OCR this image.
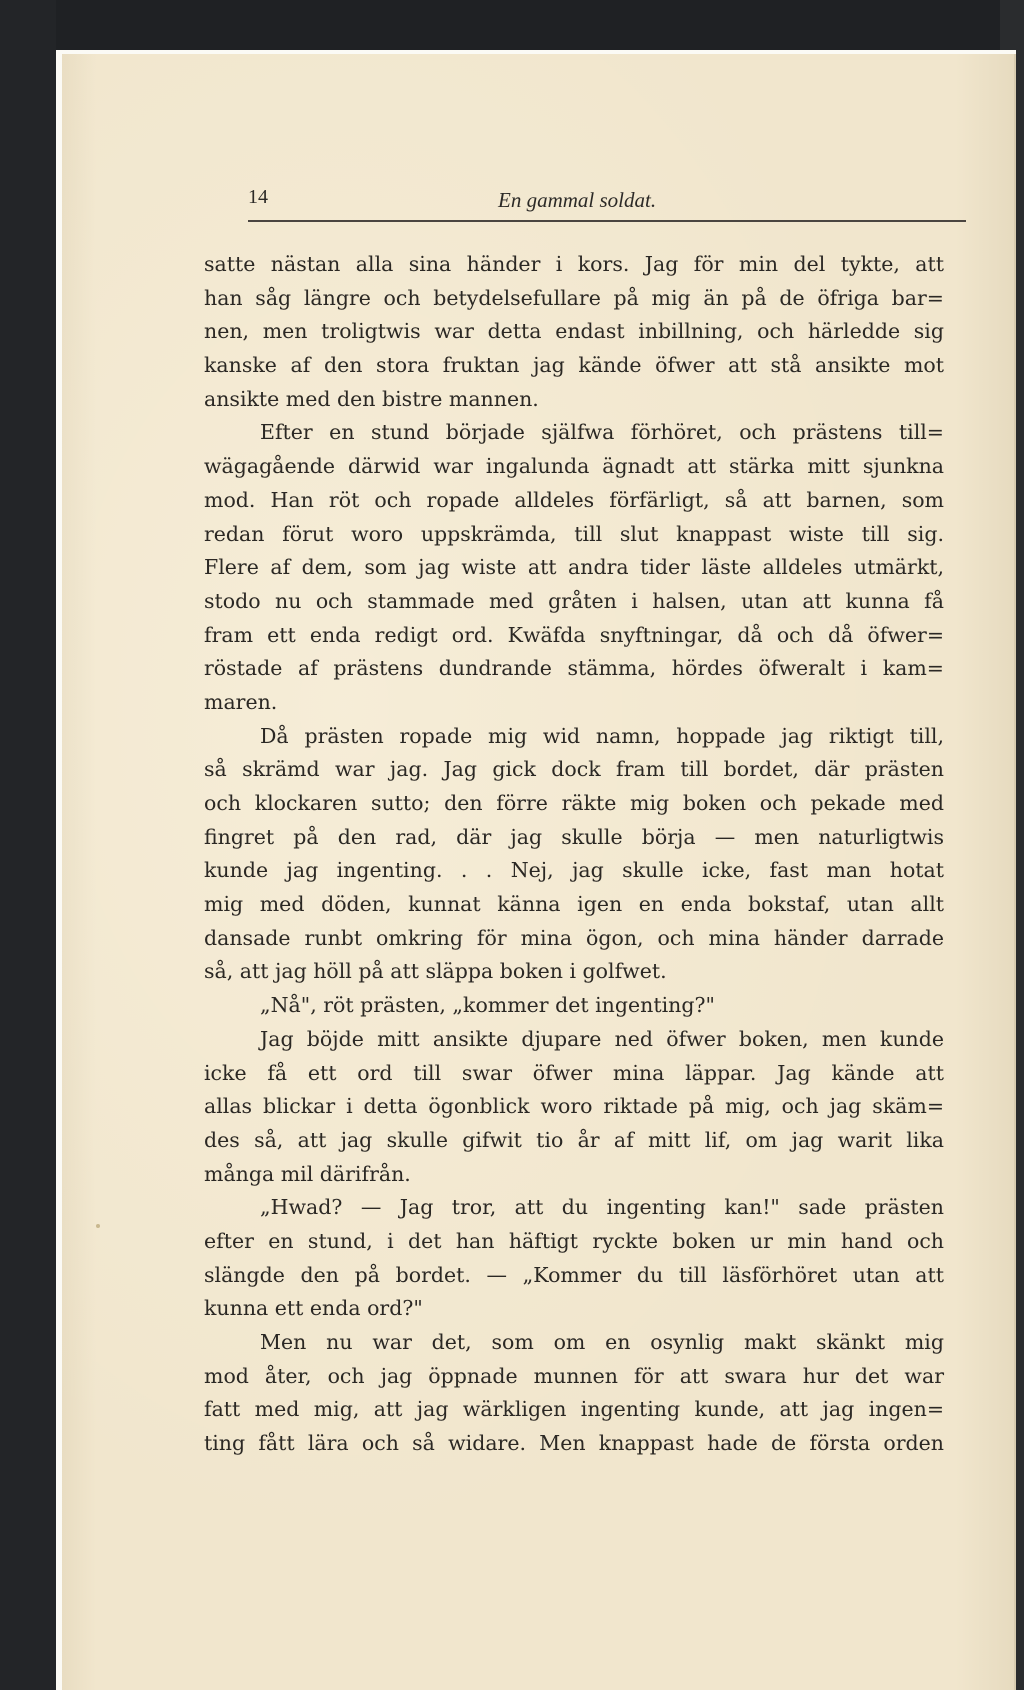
14	En gammal soldat.
satte nästan alla sina händer i kors. Jag för min del tykte, att
han såg längre och betydelsefullare på mig än på de öfriga bar=
nen, men troligtwis war detta endast inbillning, och härledde sig
kanske af den stora fruktan jag kände öfwer att stå ansikte mot
ansikte med den bistre mannen.
Efter en stund började själfwa förhöret, och prästens till=
wägagående därwid war ingalunda ägnadt att stärka mitt sjunkna
mod. Han röt och ropade alldeles förfärligt, så att barnen, som
redan förut woro uppskrämda, till slut knappast wiste till sig.
Flere af dem, som jag wiste att andra tider läste alldeles utmärkt,
stodo nu och stammade med gråten i halsen, utan att kunna få
fram ett enda redigt ord. Kwäfda snyftningar, då och då öfwer=
röstade af prästens dundrande stämma, hördes öfweralt i kam=
maren.
Då prästen ropade mig wid namn, hoppade jag riktigt till,
så skrämd war jag. Jag gick dock fram till bordet, där prästen
och klockaren sutto; den förre räkte mig boken och pekade med
fingret på den rad, där jag skulle börja — men naturligtwis
kunde jag ingenting. . . Nej, jag skulle icke, fast man hotat
mig med döden, kunnat känna igen en enda bokstaf, utan allt
dansade runbt omkring för mina ögon, och mina händer darrade
så, att jag höll på att släppa boken i golfwet.
„Nå", röt prästen, „kommer det ingenting?"
Jag böjde mitt ansikte djupare ned öfwer boken, men kunde
icke få ett ord till swar öfwer mina läppar. Jag kände att
allas blickar i detta ögonblick woro riktade på mig, och jag skäm=
des så, att jag skulle gifwit tio år af mitt lif, om jag warit lika
många mil därifrån.
„Hwad? — Jag tror, att du ingenting kan!" sade prästen
efter en stund, i det han häftigt ryckte boken ur min hand och
slängde den på bordet. — „Kommer du till läsförhöret utan att
kunna ett enda ord?"
Men nu war det, som om en osynlig makt skänkt mig
mod åter, och jag öppnade munnen för att swara hur det war
fatt med mig, att jag wärkligen ingenting kunde, att jag ingen=
ting fått lära och så widare. Men knappast hade de första orden
